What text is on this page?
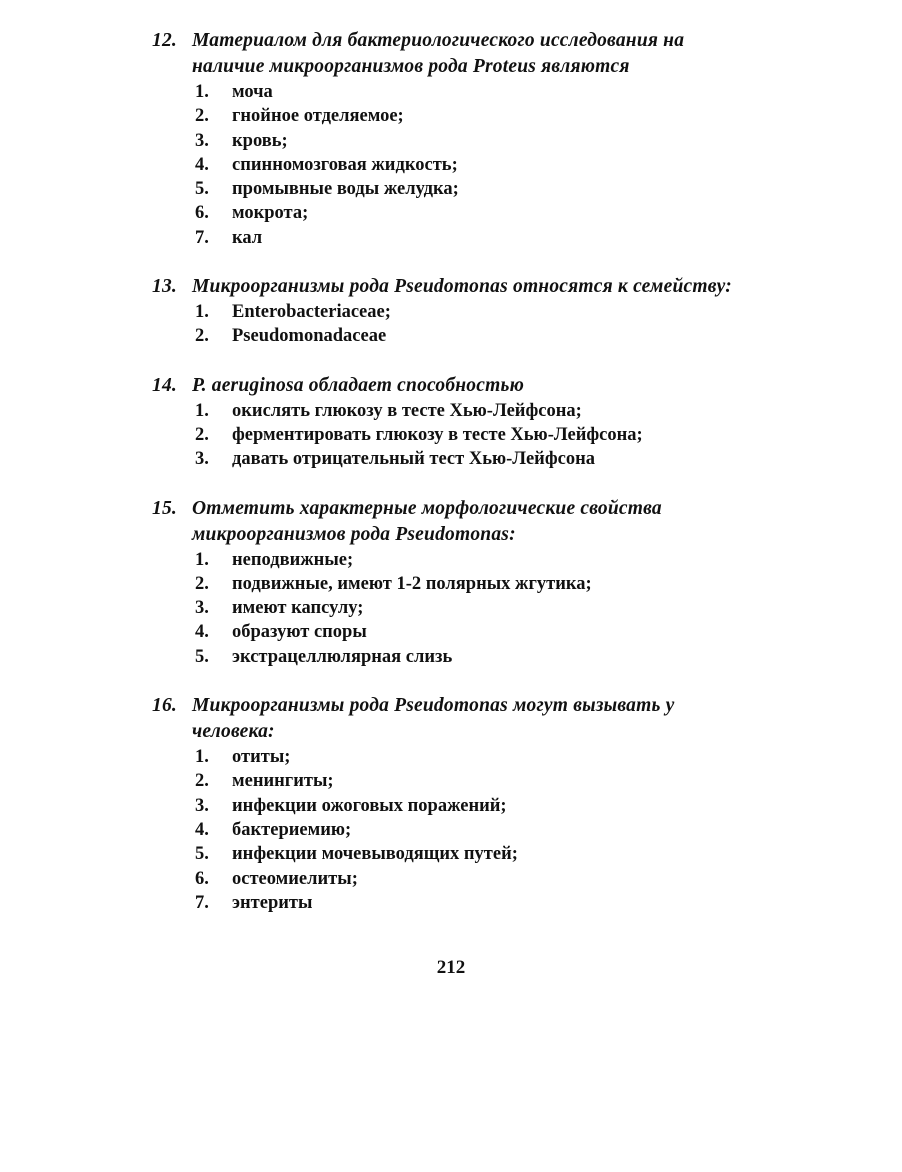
12. Материалом для бактериологического исследования на наличие микроорганизмов рода Proteus являются
1.	моча
2.	гнойное отделяемое;
3.	кровь;
4.	спинномозговая жидкость;
5.	промывные воды желудка;
6.	мокрота;
7.	кал
13. Микроорганизмы рода Pseudomonas относятся к семейству:
1.	Enterobacteriaceae;
2.	Pseudomonadaceae
14. P. aeruginosa обладает способностью
1.	окислять глюкозу в тесте Хью-Лейфсона;
2.	ферментировать глюкозу в тесте Хью-Лейфсона;
3.	давать отрицательный тест Хью-Лейфсона
15. Отметить характерные морфологические свойства микроорганизмов рода Pseudomonas:
1.	неподвижные;
2.	подвижные, имеют 1-2 полярных жгутика;
3.	имеют капсулу;
4.	образуют споры
5.	экстрацеллюлярная слизь
16. Микроорганизмы рода Pseudomonas могут вызывать у человека:
1.	отиты;
2.	менингиты;
3.	инфекции ожоговых поражений;
4.	бактериемию;
5.	инфекции мочевыводящих путей;
6.	остеомиелиты;
7.	энтериты
212
